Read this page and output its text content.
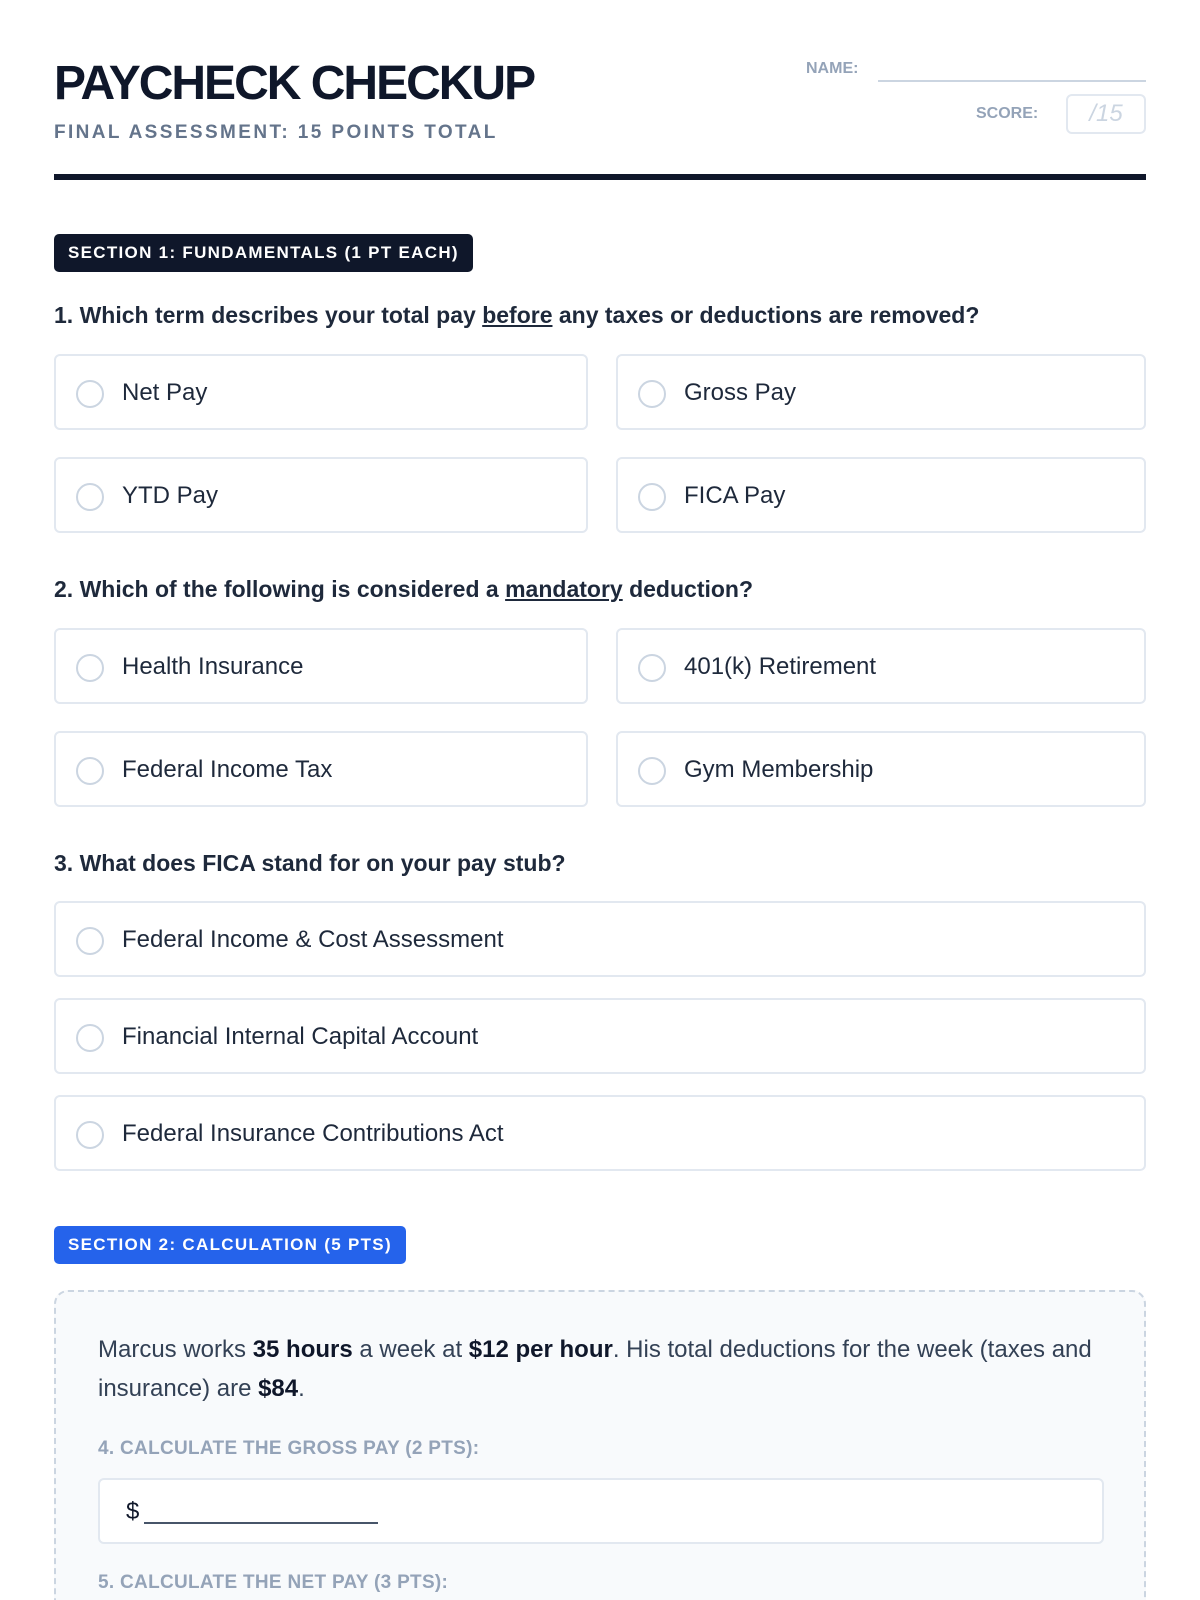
PAYCHECK CHECKUP
FINAL ASSESSMENT: 15 POINTS TOTAL
NAME:
SCORE:	/15
SECTION 1: FUNDAMENTALS (1 PT EACH)
1. Which term describes your total pay before any taxes or deductions are removed?
Net Pay	Gross Pay
YTD Pay	FICA Pay
2. Which of the following is considered a mandatory deduction?
Health Insurance	401(k) Retirement
Federal Income Tax	Gym Membership
3. What does FICA stand for on your pay stub?
Federal Income & Cost Assessment
Financial Internal Capital Account
Federal Insurance Contributions Act
SECTION 2: CALCULATION (5 PTS)
Marcus works 35 hours a week at $12 per hour. His total deductions for the week (taxes and insurance) are $84.
4. CALCULATE THE GROSS PAY (2 PTS):
$
5. CALCULATE THE NET PAY (3 PTS):
